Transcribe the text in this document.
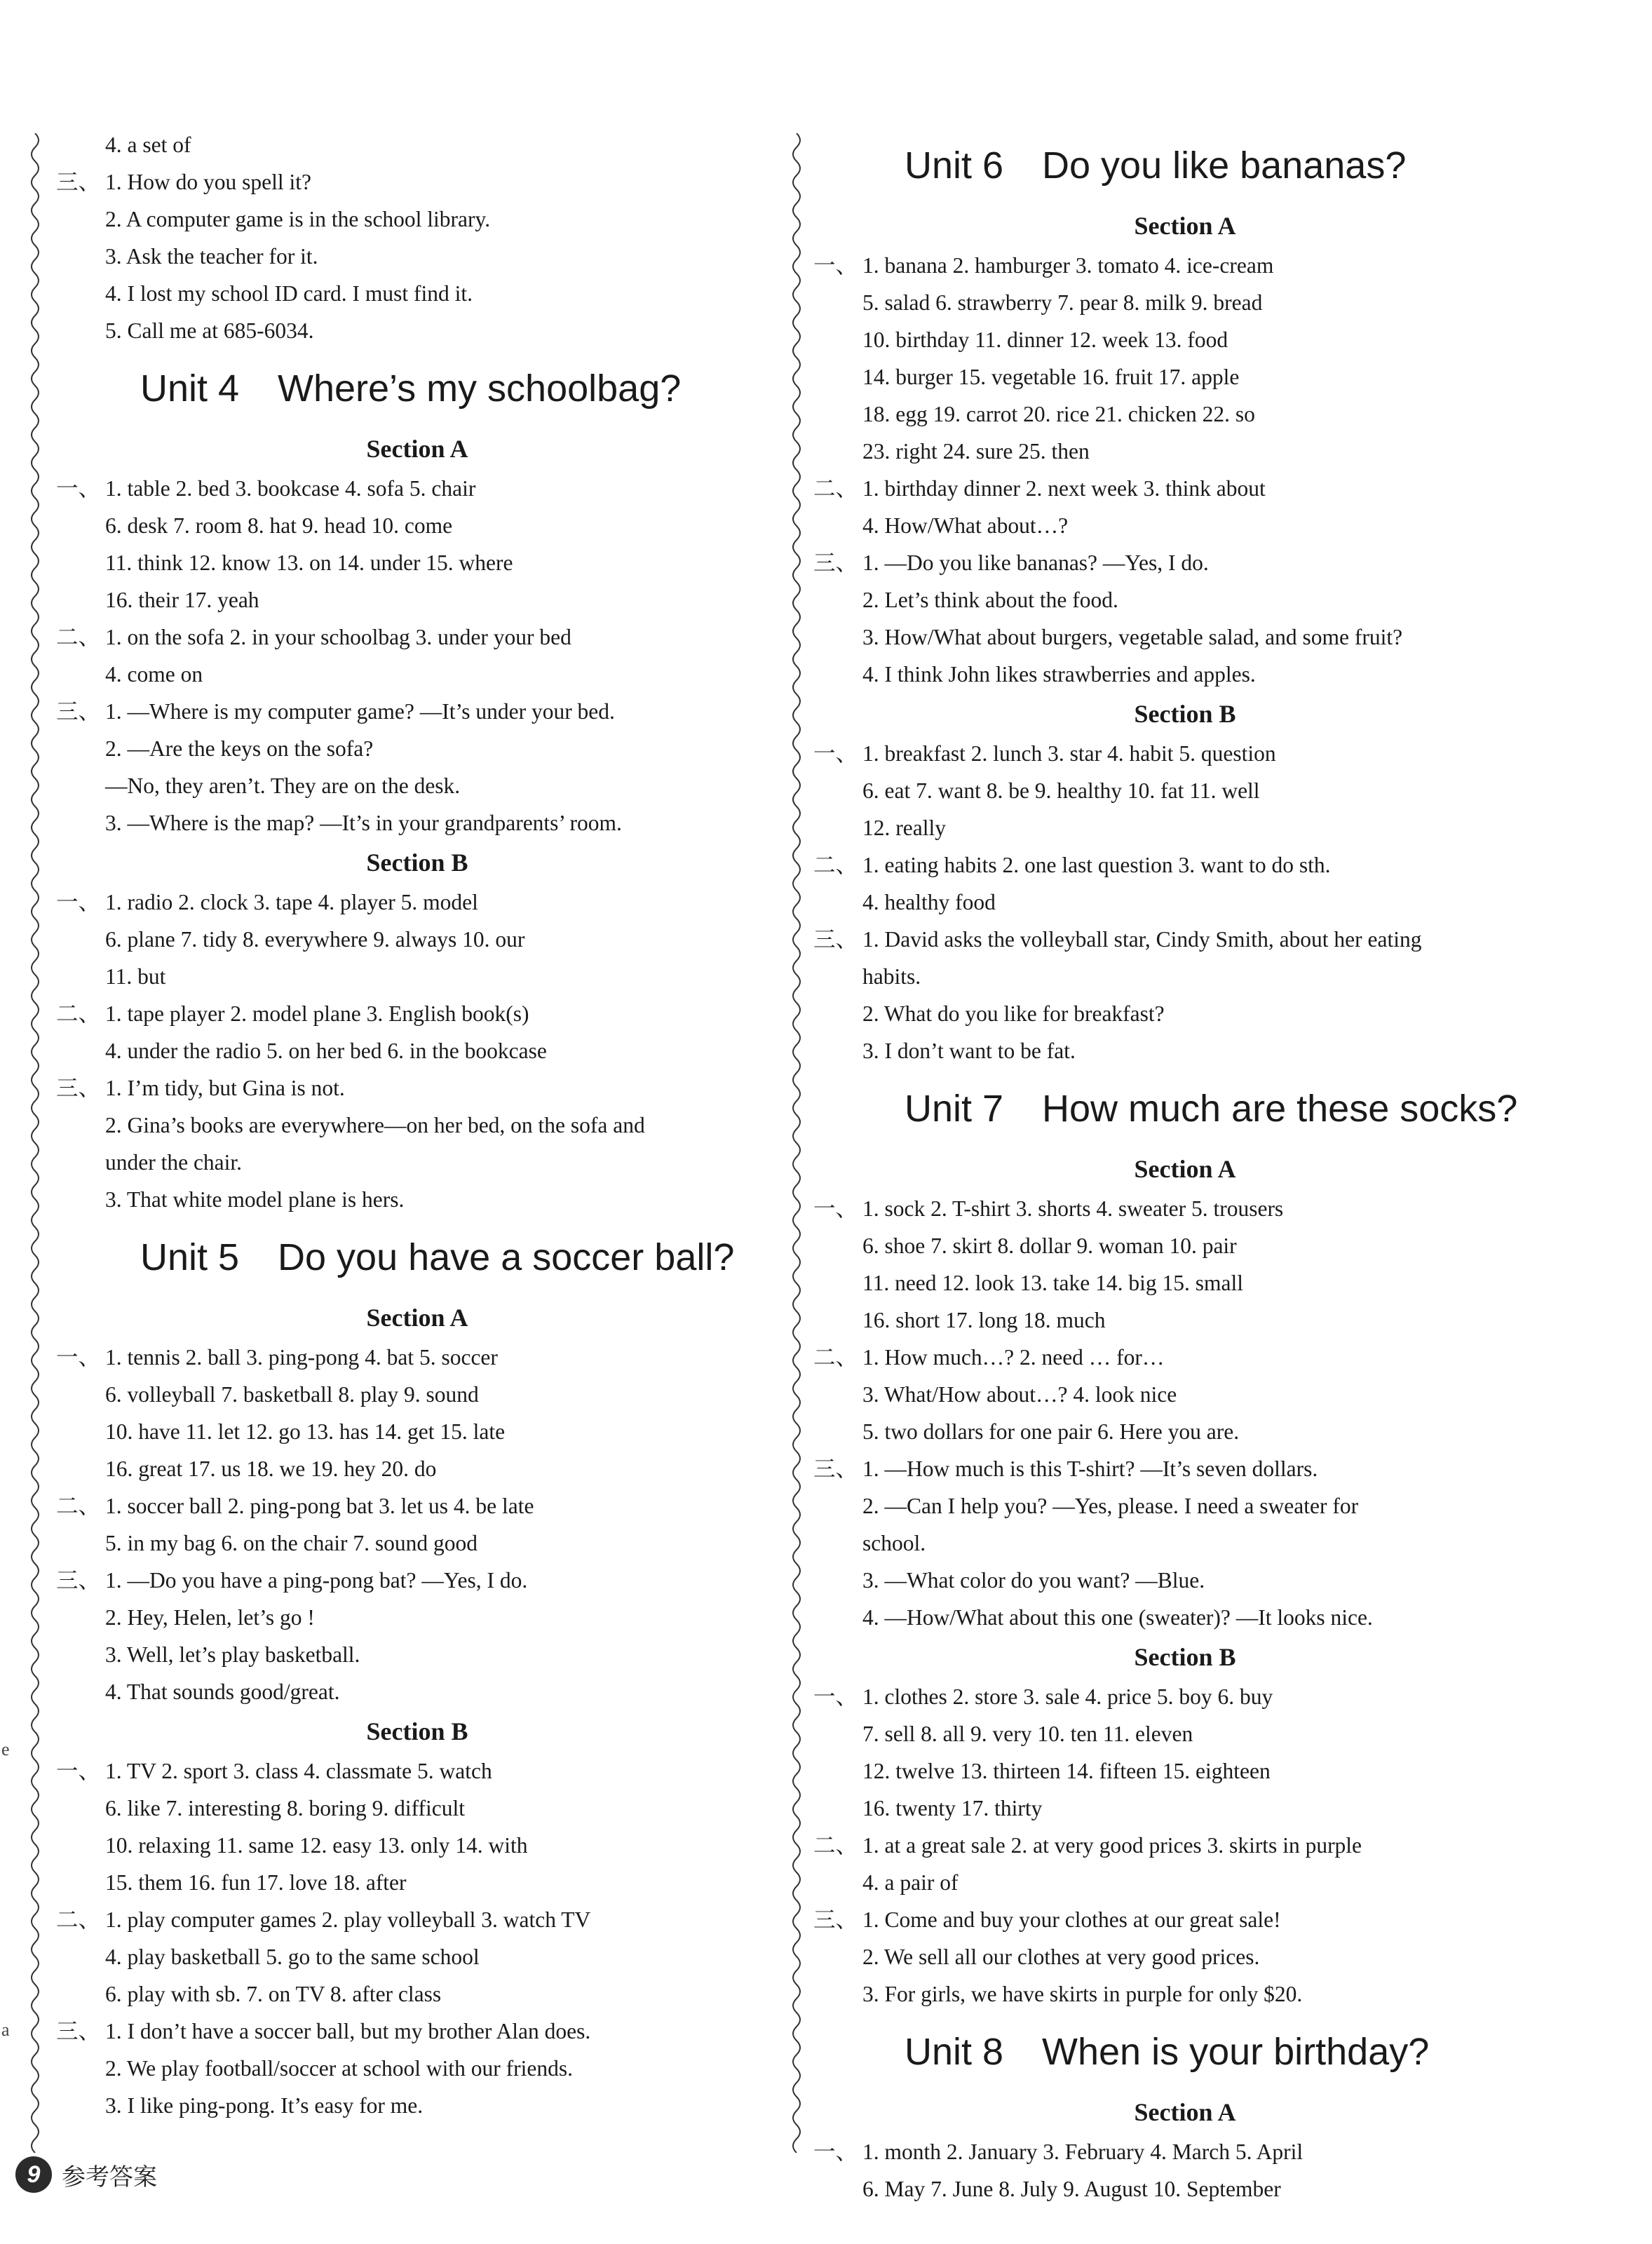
4. a set of
三、 1. How do you spell it?
2. A computer game is in the school library.
3. Ask the teacher for it.
4. I lost my school ID card. I must find it.
5. Call me at 685-6034.
Unit 4 Where’s my schoolbag?
Section A
一、 1. table 2. bed 3. bookcase 4. sofa 5. chair
6. desk 7. room 8. hat 9. head 10. come
11. think 12. know 13. on 14. under 15. where
16. their 17. yeah
二、 1. on the sofa 2. in your schoolbag 3. under your bed
4. come on
三、 1. —Where is my computer game? —It’s under your bed.
2. —Are the keys on the sofa?
—No, they aren’t. They are on the desk.
3. —Where is the map? —It’s in your grandparents’ room.
Section B
一、 1. radio 2. clock 3. tape 4. player 5. model
6. plane 7. tidy 8. everywhere 9. always 10. our
11. but
二、 1. tape player 2. model plane 3. English book(s)
4. under the radio 5. on her bed 6. in the bookcase
三、 1. I’m tidy, but Gina is not.
2. Gina’s books are everywhere—on her bed, on the sofa and
under the chair.
3. That white model plane is hers.
Unit 5 Do you have a soccer ball?
Section A
一、 1. tennis 2. ball 3. ping-pong 4. bat 5. soccer
6. volleyball 7. basketball 8. play 9. sound
10. have 11. let 12. go 13. has 14. get 15. late
16. great 17. us 18. we 19. hey 20. do
二、 1. soccer ball 2. ping-pong bat 3. let us 4. be late
5. in my bag 6. on the chair 7. sound good
三、 1. —Do you have a ping-pong bat? —Yes, I do.
2. Hey, Helen, let’s go !
3. Well, let’s play basketball.
4. That sounds good/great.
Section B
一、 1. TV 2. sport 3. class 4. classmate 5. watch
6. like 7. interesting 8. boring 9. difficult
10. relaxing 11. same 12. easy 13. only 14. with
15. them 16. fun 17. love 18. after
二、 1. play computer games 2. play volleyball 3. watch TV
4. play basketball 5. go to the same school
6. play with sb. 7. on TV 8. after class
三、 1. I don’t have a soccer ball, but my brother Alan does.
2. We play football/soccer at school with our friends.
3. I like ping-pong. It’s easy for me.
Unit 6 Do you like bananas?
Section A
一、 1. banana 2. hamburger 3. tomato 4. ice-cream
5. salad 6. strawberry 7. pear 8. milk 9. bread
10. birthday 11. dinner 12. week 13. food
14. burger 15. vegetable 16. fruit 17. apple
18. egg 19. carrot 20. rice 21. chicken 22. so
23. right 24. sure 25. then
二、 1. birthday dinner 2. next week 3. think about
4. How/What about…?
三、 1. —Do you like bananas? —Yes, I do.
2. Let’s think about the food.
3. How/What about burgers, vegetable salad, and some fruit?
4. I think John likes strawberries and apples.
Section B
一、 1. breakfast 2. lunch 3. star 4. habit 5. question
6. eat 7. want 8. be 9. healthy 10. fat 11. well
12. really
二、 1. eating habits 2. one last question 3. want to do sth.
4. healthy food
三、 1. David asks the volleyball star, Cindy Smith, about her eating
habits.
2. What do you like for breakfast?
3. I don’t want to be fat.
Unit 7 How much are these socks?
Section A
一、 1. sock 2. T-shirt 3. shorts 4. sweater 5. trousers
6. shoe 7. skirt 8. dollar 9. woman 10. pair
11. need 12. look 13. take 14. big 15. small
16. short 17. long 18. much
二、 1. How much…? 2. need … for…
3. What/How about…? 4. look nice
5. two dollars for one pair 6. Here you are.
三、 1. —How much is this T-shirt? —It’s seven dollars.
2. —Can I help you? —Yes, please. I need a sweater for
school.
3. —What color do you want? —Blue.
4. —How/What about this one (sweater)? —It looks nice.
Section B
一、 1. clothes 2. store 3. sale 4. price 5. boy 6. buy
7. sell 8. all 9. very 10. ten 11. eleven
12. twelve 13. thirteen 14. fifteen 15. eighteen
16. twenty 17. thirty
二、 1. at a great sale 2. at very good prices 3. skirts in purple
4. a pair of
三、 1. Come and buy your clothes at our great sale!
2. We sell all our clothes at very good prices.
3. For girls, we have skirts in purple for only $20.
Unit 8 When is your birthday?
Section A
一、 1. month 2. January 3. February 4. March 5. April
6. May 7. June 8. July 9. August 10. September
e
a
9 参考答案
